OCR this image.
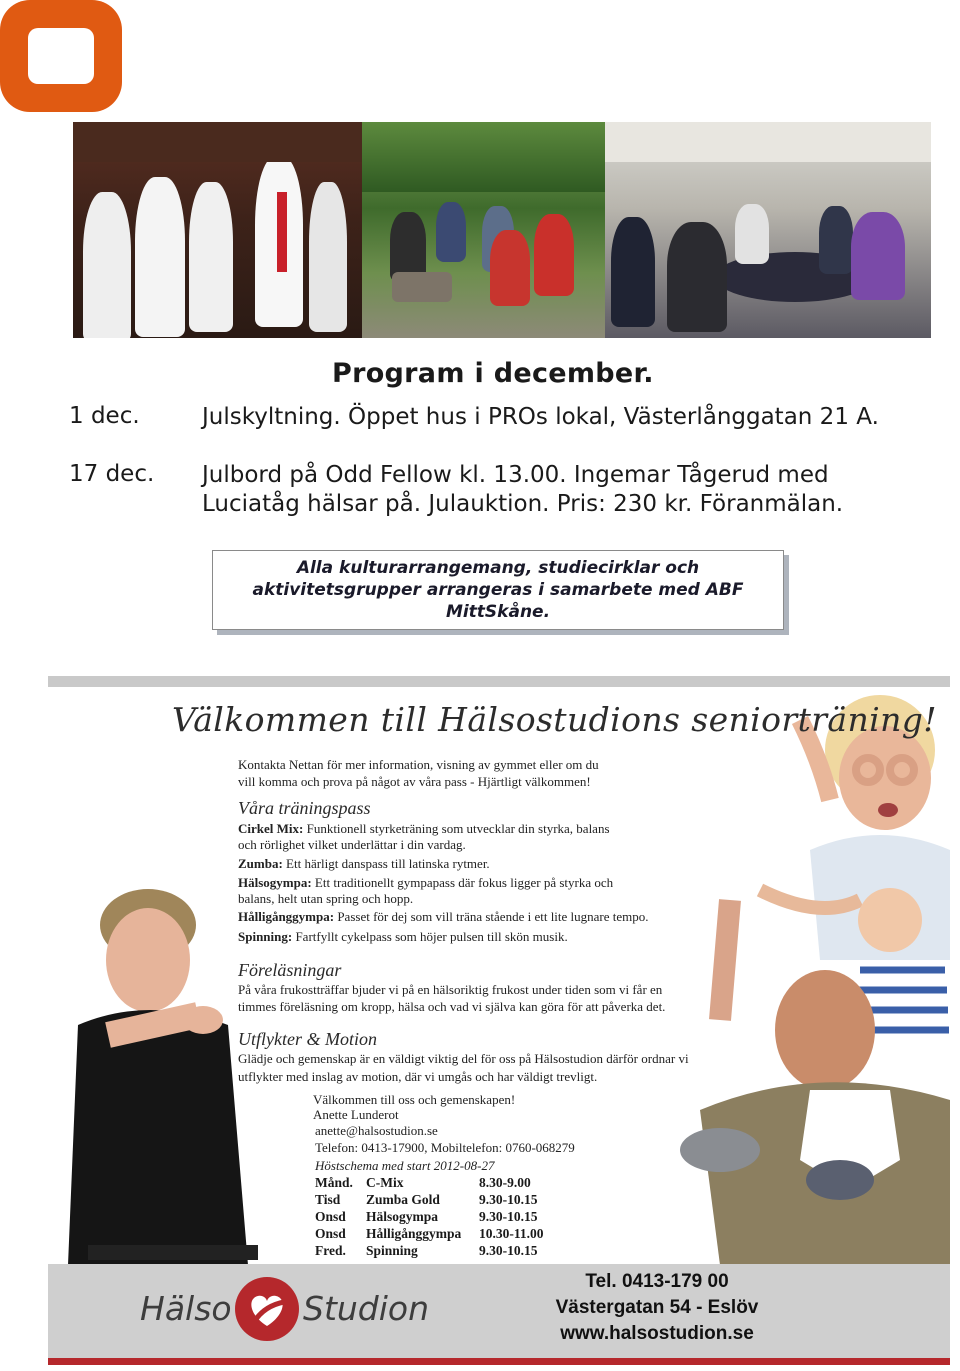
Program i december.
1 dec.	Julskyltning. Öppet hus i PROs lokal, Västerlånggatan 21 A.
17 dec. Julbord på Odd Fellow kl. 13.00. Ingemar Tågerud med
Luciatåg hälsar på. Julauktion. Pris: 230 kr. Föranmälan.

Alla kulturarrangemang, studiecirklar och

aktivitetsgrupper arrangeras i samarbete med ABF

MittSkåne.

Välkommen till Hälsostudions seniorträning!
Kontakta Nettan för mer information, visning av gymmet eller om du
vill komma och prova på något av våra pass - Hjärtligt välkommen!
Våra träningspass
Cirkel Mix: Funktionell styrketräning som utvecklar din styrka, balans
och rörlighet vilket underlättar i din vardag.
Zumba: Ett härligt danspass till latinska rytmer.
Hälsogympa: Ett traditionellt gympapass där fokus ligger på styrka och
balans, helt utan spring och hopp.
Hålligånggympa: Passet för dej som vill träna stående i ett lite lugnare tempo.
Spinning: Fartfyllt cykelpass som höjer pulsen till skön musik.
Föreläsningar
På våra frukostträffar bjuder vi på en hälsoriktig frukost under tiden som vi får en
timmes föreläsning om kropp, hälsa och vad vi själva kan göra för att påverka det.
Utflykter & Motion
Glädje och gemenskap är en väldigt viktig del för oss på Hälsostudion därför ordnar vi
utflykter med inslag av motion, där vi umgås och har väldigt trevligt.
Välkommen till oss och gemenskapen!
Anette Lunderot
anette@halsostudion.se
Telefon: 0413-17900, Mobiltelefon: 0760-068279
Höstschema med start 2012-08-27
Månd.	C-Mix	8.30-9.00
Tisd	Zumba Gold	9.30-10.15
Onsd	Hälsogympa	9.30-10.15
Onsd	Hålligånggympa	10.30-11.00
Fred.	Spinning	9.30-10.15
Hälso Studion
Tel. 0413-179 00
Västergatan 54 - Eslöv
www.halsostudion.se
